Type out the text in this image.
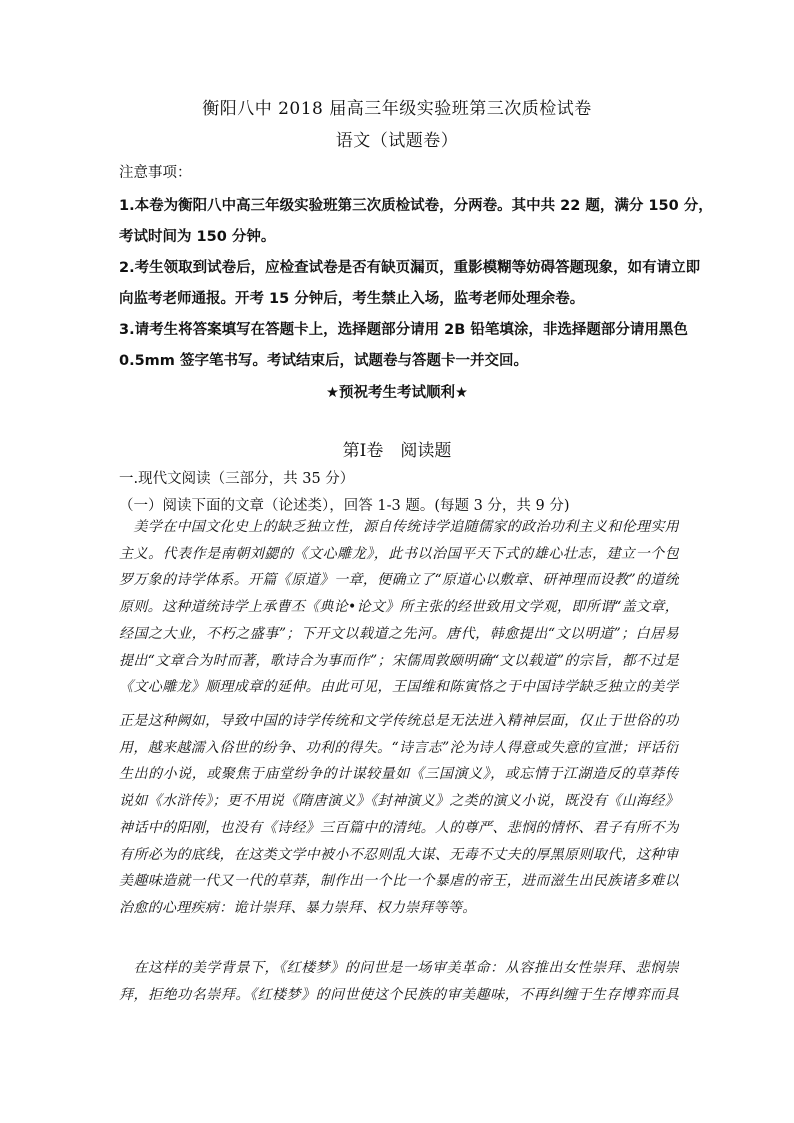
衡阳八中 2018 届高三年级实验班第三次质检试卷
语文（试题卷）
注意事项：
1.本卷为衡阳八中高三年级实验班第三次质检试卷，分两卷。其中共 22 题，满分 150 分，
考试时间为 150 分钟。
2.考生领取到试卷后，应检查试卷是否有缺页漏页，重影模糊等妨碍答题现象，如有请立即
向监考老师通报。开考 15 分钟后，考生禁止入场，监考老师处理余卷。
3.请考生将答案填写在答题卡上，选择题部分请用 2B 铅笔填涂，非选择题部分请用黑色
0.5mm 签字笔书写。考试结束后，试题卷与答题卡一并交回。
★预祝考生考试顺利★
第Ⅰ卷　阅读题
一.现代文阅读（三部分，共 35 分）
（一）阅读下面的文章（论述类），回答 1-3 题。(每题 3 分，共 9 分)
　美学在中国文化史上的缺乏独立性，源自传统诗学追随儒家的政治功利主义和伦理实用主义。代表作是南朝刘勰的《文心雕龙》，此书以治国平天下式的雄心壮志，建立一个包罗万象的诗学体系。开篇《原道》一章，便确立了“原道心以敷章、研神理而设教”的道统原则。这种道统诗学上承曹丕《典论•论文》所主张的经世致用文学观，即所谓“盖文章，经国之大业，不朽之盛事”；下开文以载道之先河。唐代，韩愈提出“文以明道”；白居易提出“文章合为时而著，歌诗合为事而作”；宋儒周敦颐明确“文以载道”的宗旨，都不过是《文心雕龙》顺理成章的延伸。由此可见，王国维和陈寅恪之于中国诗学缺乏独立的美学
正是这种阙如，导致中国的诗学传统和文学传统总是无法进入精神层面，仅止于世俗的功用，越来越濡入俗世的纷争、功利的得失。“诗言志”沦为诗人得意或失意的宣泄；评话衍生出的小说，或聚焦于庙堂纷争的计谋较量如《三国演义》，或忘情于江湖造反的草莽传说如《水浒传》；更不用说《隋唐演义》《封神演义》之类的演义小说，既没有《山海经》神话中的阳刚，也没有《诗经》三百篇中的清纯。人的尊严、悲悯的情怀、君子有所不为有所必为的底线，在这类文学中被小不忍则乱大谋、无毒不丈夫的厚黑原则取代，这种审美趣味造就一代又一代的草莽，制作出一个比一个暴虐的帝王，进而滋生出民族诸多难以治愈的心理疾病：诡计崇拜、暴力崇拜、权力崇拜等等。
　在这样的美学背景下，《红楼梦》的问世是一场审美革命：从容推出女性崇拜、悲悯崇拜，拒绝功名崇拜。《红楼梦》的问世使这个民族的审美趣味，不再纠缠于生存博弈而具
